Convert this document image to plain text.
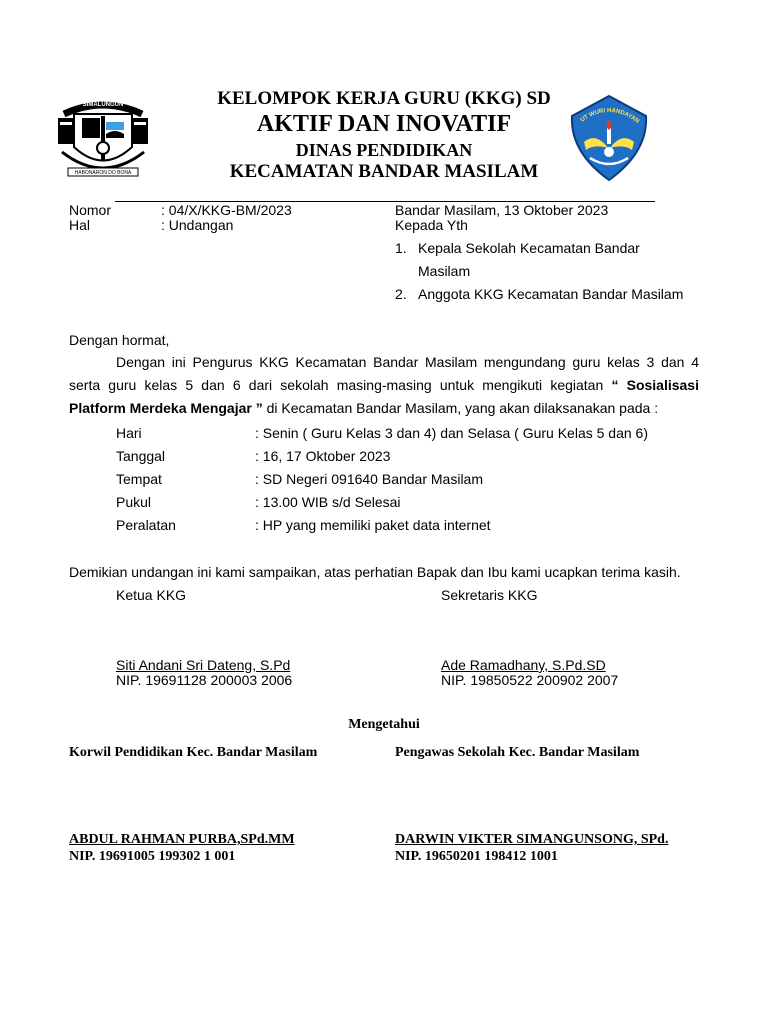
SIMALUNGUN
HABONARON DO BONA
KELOMPOK KERJA GURU (KKG) SD
AKTIF DAN INOVATIF
DINAS PENDIDIKAN
KECAMATAN BANDAR MASILAM
UT WURI HANDAYAN
Nomor	: 04/X/KKG-BM/2023
Hal	: Undangan
Bandar Masilam, 13 Oktober 2023
Kepada Yth
1. Kepala Sekolah Kecamatan Bandar
Masilam
2. Anggota KKG Kecamatan Bandar Masilam
Dengan hormat,
Dengan ini Pengurus KKG Kecamatan Bandar Masilam mengundang guru kelas 3 dan 4 serta guru kelas 5 dan 6 dari sekolah masing-masing untuk mengikuti kegiatan “ Sosialisasi Platform Merdeka Mengajar ” di Kecamatan Bandar Masilam, yang akan dilaksanakan pada :
Hari	: Senin ( Guru Kelas 3 dan 4) dan Selasa ( Guru Kelas 5 dan 6)
Tanggal	: 16, 17 Oktober 2023
Tempat	: SD Negeri 091640 Bandar Masilam
Pukul	: 13.00 WIB s/d Selesai
Peralatan	: HP yang memiliki paket data internet
Demikian undangan ini kami sampaikan, atas perhatian Bapak dan Ibu kami ucapkan terima kasih.
Ketua KKG	Sekretaris KKG
Siti Andani Sri Dateng, S.Pd
NIP. 19691128 200003 2006
Ade Ramadhany, S.Pd.SD
NIP. 19850522 200902 2007
Mengetahui
Korwil Pendidikan Kec. Bandar Masilam	Pengawas Sekolah Kec. Bandar Masilam
ABDUL RAHMAN PURBA,SPd.MM
NIP. 19691005 199302 1 001
DARWIN VIKTER SIMANGUNSONG, SPd.
NIP. 19650201 198412 1001
